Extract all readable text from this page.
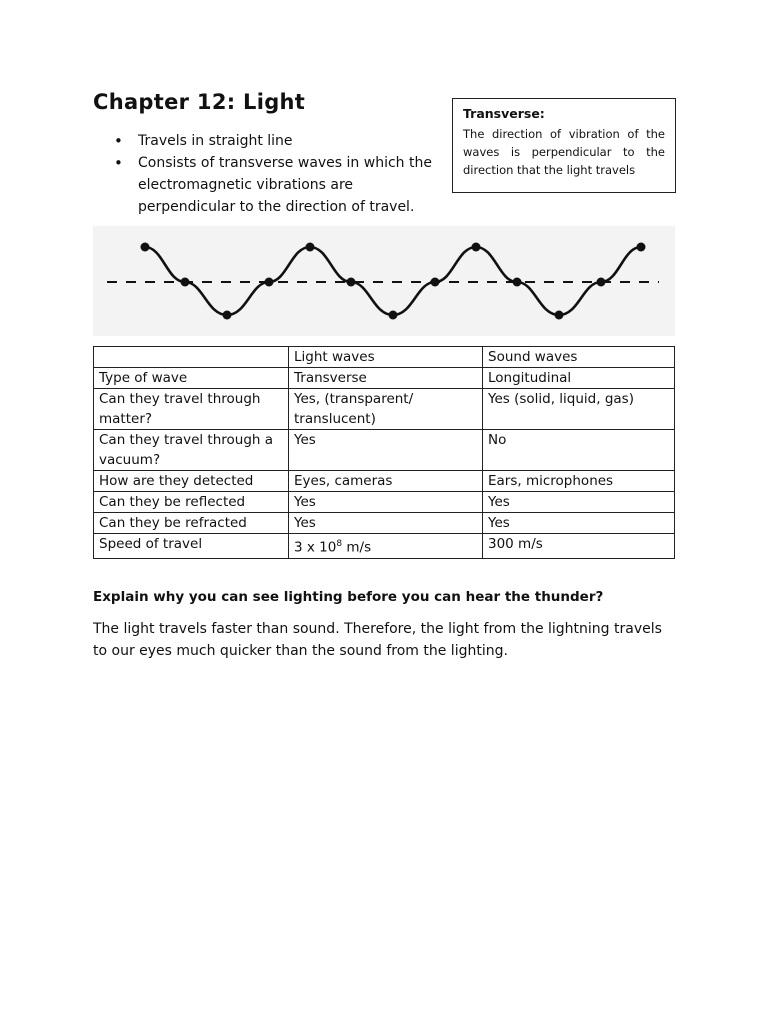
Chapter 12: Light
• Travels in straight line
• Consists of transverse waves in which the electromagnetic vibrations are perpendicular to the direction of travel.
Transverse:
The direction of vibration of the waves is perpendicular to the direction that the light travels
	Light waves	Sound waves
Type of wave	Transverse	Longitudinal
Can they travel through matter?	Yes, (transparent/ translucent)	Yes (solid, liquid, gas)
Can they travel through a vacuum?	Yes	No
How are they detected	Eyes, cameras	Ears, microphones
Can they be reflected	Yes	Yes
Can they be refracted	Yes	Yes
Speed of travel	3 x $10^8$ m/s	300 m/s

Explain why you can see lighting before you can hear the thunder?

The light travels faster than sound. Therefore, the light from the lightning travels to our eyes much quicker than the sound from the lighting.
